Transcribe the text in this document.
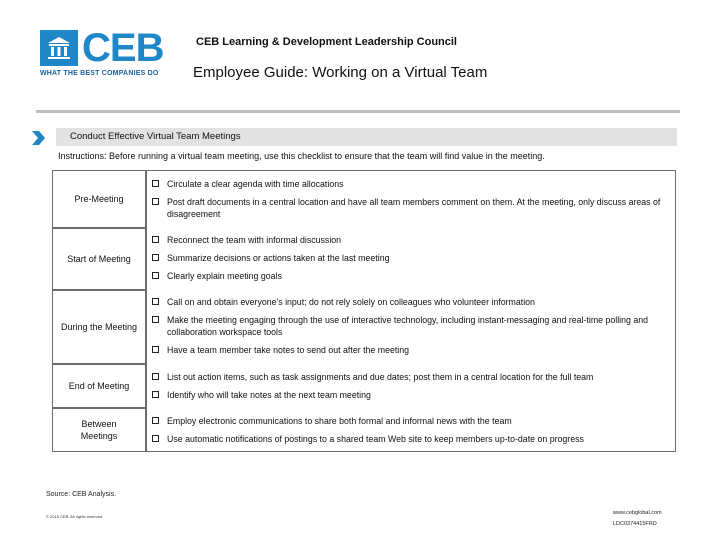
CEB
WHAT THE BEST COMPANIES DO
CEB Learning & Development Leadership Council
Employee Guide: Working on a Virtual Team
Conduct Effective Virtual Team Meetings
Instructions: Before running a virtual team meeting, use this checklist to ensure that the team will find value in the meeting.
Pre-Meeting
Start of Meeting
During the Meeting
End of Meeting
Between Meetings
Circulate a clear agenda with time allocations
Post draft documents in a central location and have all team members comment on them. At the meeting, only discuss areas of disagreement
Reconnect the team with informal discussion
Summarize decisions or actions taken at the last meeting
Clearly explain meeting goals
Call on and obtain everyone's input; do not rely solely on colleagues who volunteer information
Make the meeting engaging through the use of interactive technology, including instant-messaging and real-time polling and collaboration workspace tools
Have a team member take notes to send out after the meeting
List out action items, such as task assignments and due dates; post them in a central location for the full team
Identify who will take notes at the next team meeting
Employ electronic communications to share both formal and informal news with the team
Use automatic notifications of postings to a shared team Web site to keep members up-to-date on progress
Source: CEB Analysis.
© 2015 CEB. All rights reserved.
www.cebglobal.com
LDC0374415FRD
